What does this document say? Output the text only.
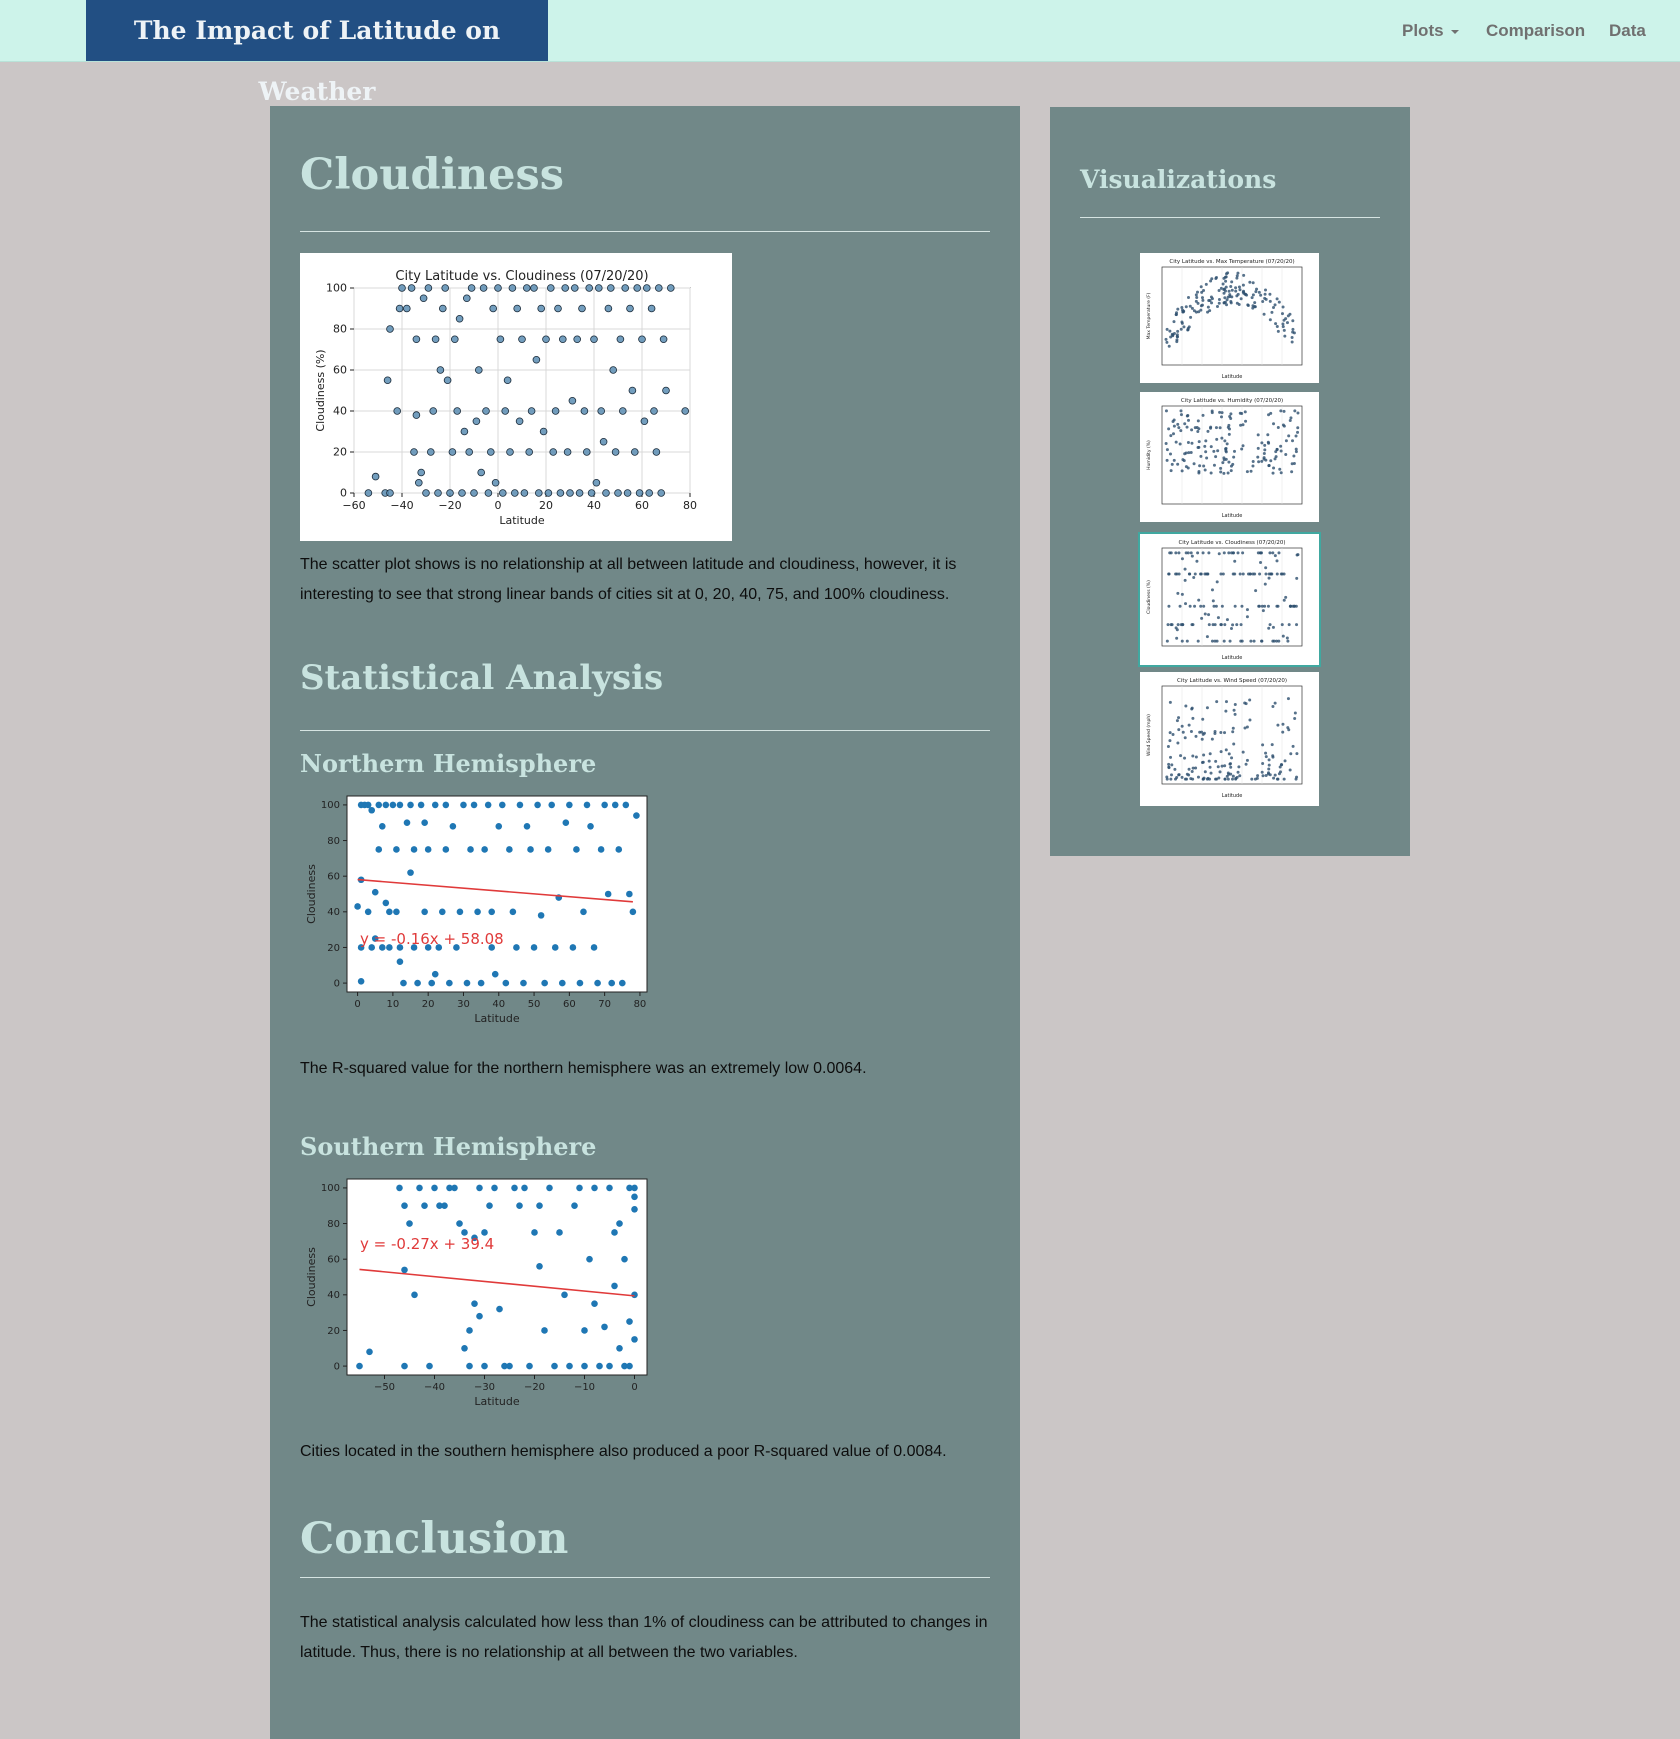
The Impact of Latitude on Weather
Plots	Comparison Data
Cloudiness
−60 −40 −20	0	20	40	60	80
0
20
40
60
80
100
City Latitude vs. Cloudiness (07/20/20)
Latitude
Cloudiness (%)

The scatter plot shows is no relationship at all between latitude and cloudiness, however, it is interesting to see that strong linear bands of cities sit at 0, 20, 40, 75, and 100% cloudiness.

Statistical Analysis
Northern Hemisphere
0	10 20 30 40 50 60 70 80
0
20
40
60
80
100
y = -0.16x + 58.08
Latitude
Cloudiness

The R-squared value for the northern hemisphere was an extremely low 0.0064.

Southern Hemisphere
−50	−40	−30	−20	−10	0
0
20
40
60
80
100
y = -0.27x + 39.4
Latitude
Cloudiness

Cities located in the southern hemisphere also produced a poor R-squared value of 0.0084.

Conclusion

The statistical analysis calculated how less than 1% of cloudiness can be attributed to changes in latitude. Thus, there is no relationship at all between the two variables.

Visualizations
City Latitude vs. Max Temperature (07/20/20)
Latitude
Max Temperature (F)
City Latitude vs. Humidity (07/20/20)
Latitude
Humidity (%)
City Latitude vs. Cloudiness (07/20/20)
Latitude
Cloudiness (%)
City Latitude vs. Wind Speed (07/20/20)
Latitude
Wind Speed (mph)
